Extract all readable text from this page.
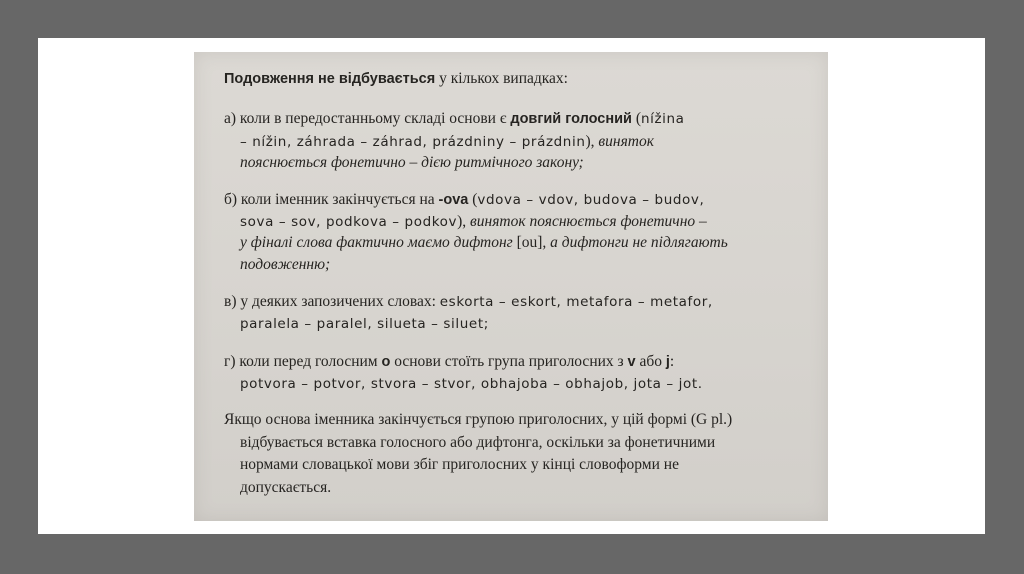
Подовження не відбувається у кількох випадках:
а) коли в передостанньому складі основи є довгий голосний (nížina
– nížin, záhrada – záhrad, prázdniny – prázdnin), виняток
пояснюється фонетично – дією ритмічного закону;
б) коли іменник закінчується на -ova (vdova – vdov, budova – budov,
sova – sov, podkova – podkov), виняток пояснюється фонетично –
у фіналі слова фактично маємо дифтонг [ou], а дифтонги не підлягають
подовженню;
в) у деяких запозичених словах: eskorta – eskort, metafora – metafor,
paralela – paralel, silueta – siluet;
г) коли перед голосним о основи стоїть група приголосних з v або j:
potvora – potvor, stvora – stvor, obhajoba – obhajob, jota – jot.
Якщо основа іменника закінчується групою приголосних, у цій формі (G pl.)
відбувається вставка голосного або дифтонга, оскільки за фонетичними
нормами словацької мови збіг приголосних у кінці словоформи не
допускається.
